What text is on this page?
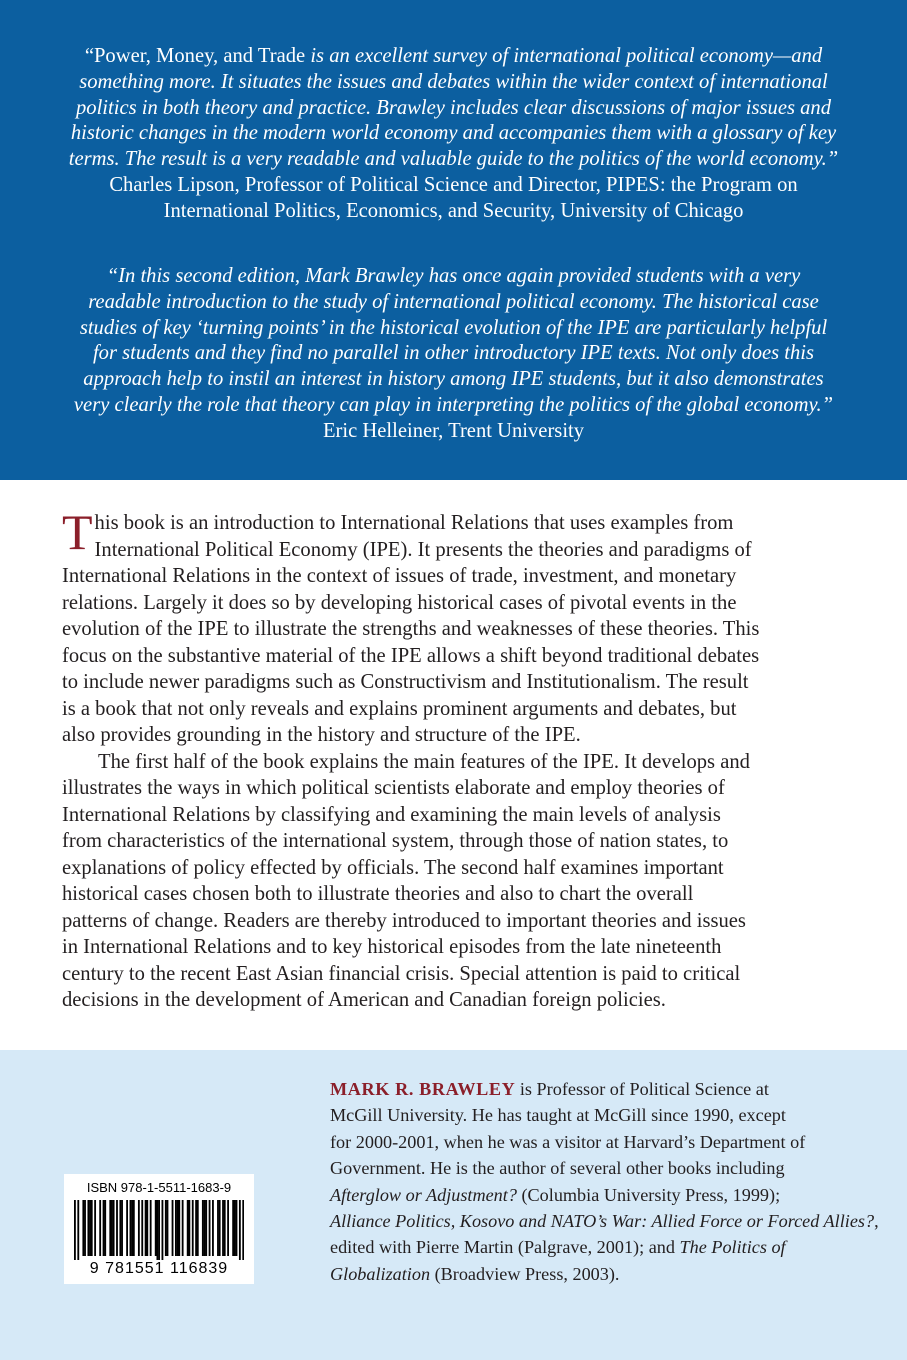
“Power, Money, and Trade is an excellent survey of international political economy—and
something more. It situates the issues and debates within the wider context of international
politics in both theory and practice. Brawley includes clear discussions of major issues and
historic changes in the modern world economy and accompanies them with a glossary of key
terms. The result is a very readable and valuable guide to the politics of the world economy.”
Charles Lipson, Professor of Political Science and Director, PIPES: the Program on
International Politics, Economics, and Security, University of Chicago
“In this second edition, Mark Brawley has once again provided students with a very
readable introduction to the study of international political economy. The historical case
studies of key ‘turning points’ in the historical evolution of the IPE are particularly helpful
for students and they find no parallel in other introductory IPE texts. Not only does this
approach help to instil an interest in history among IPE students, but it also demonstrates
very clearly the role that theory can play in interpreting the politics of the global economy.”
Eric Helleiner, Trent University
T his book is an introduction to International Relations that uses examples from
International Political Economy (IPE). It presents the theories and paradigms of
International Relations in the context of issues of trade, investment, and monetary
relations. Largely it does so by developing historical cases of pivotal events in the
evolution of the IPE to illustrate the strengths and weaknesses of these theories. This
focus on the substantive material of the IPE allows a shift beyond traditional debates
to include newer paradigms such as Constructivism and Institutionalism. The result
is a book that not only reveals and explains prominent arguments and debates, but
also provides grounding in the history and structure of the IPE.
The first half of the book explains the main features of the IPE. It develops and
illustrates the ways in which political scientists elaborate and employ theories of
International Relations by classifying and examining the main levels of analysis
from characteristics of the international system, through those of nation states, to
explanations of policy effected by officials. The second half examines important
historical cases chosen both to illustrate theories and also to chart the overall
patterns of change. Readers are thereby introduced to important theories and issues
in International Relations and to key historical episodes from the late nineteenth
century to the recent East Asian financial crisis. Special attention is paid to critical
decisions in the development of American and Canadian foreign policies.
ISBN 978-1-5511-1683-9
9 781551 116839
MARK R. BRAWLEY is Professor of Political Science at
McGill University. He has taught at McGill since 1990, except
for 2000-2001, when he was a visitor at Harvard’s Department of
Government. He is the author of several other books including
Afterglow or Adjustment? (Columbia University Press, 1999);
Alliance Politics, Kosovo and NATO’s War: Allied Force or Forced Allies?,
edited with Pierre Martin (Palgrave, 2001); and The Politics of
Globalization (Broadview Press, 2003).
